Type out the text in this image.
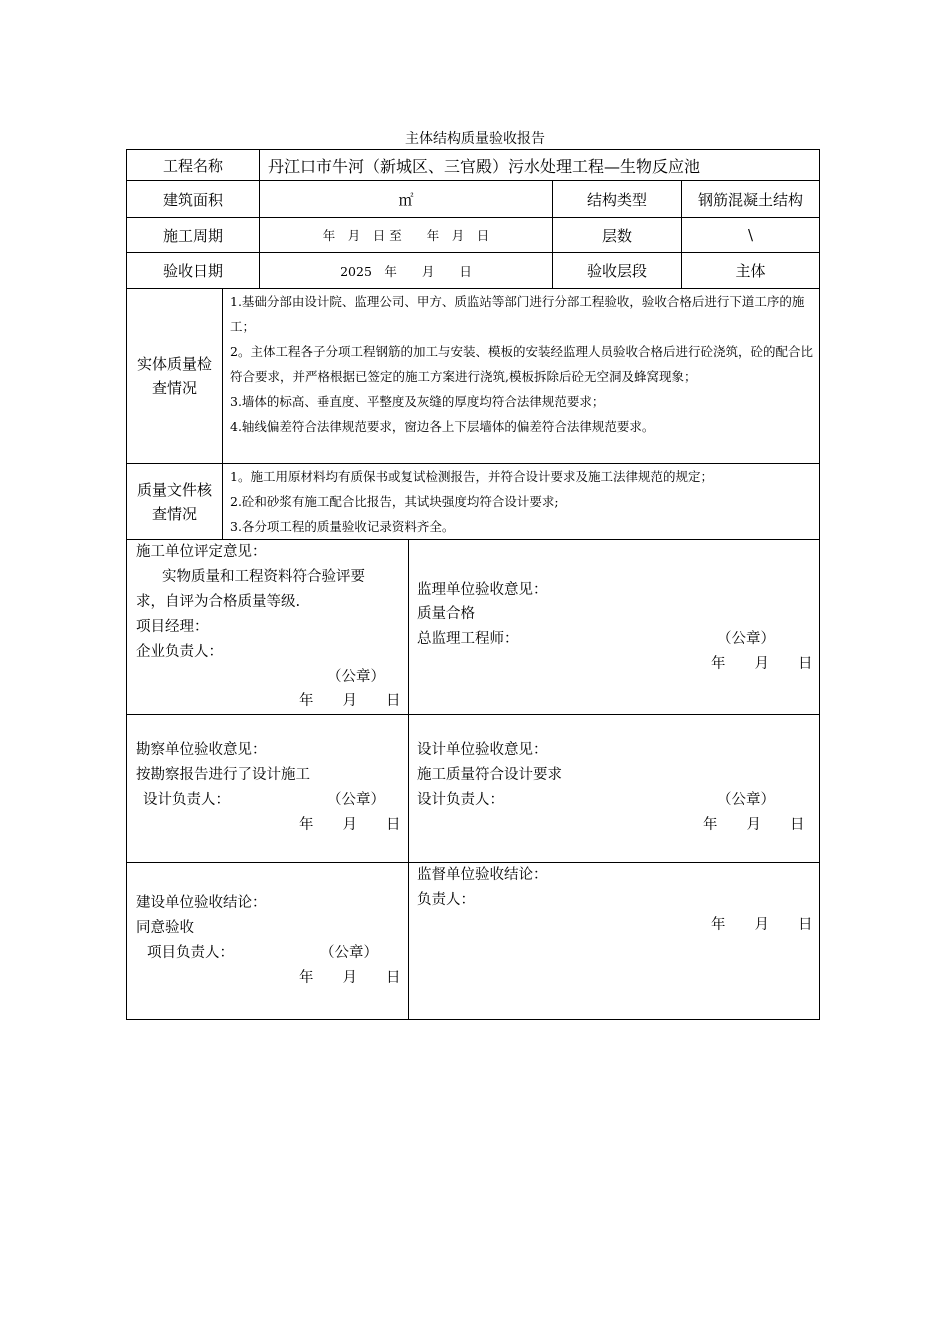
主体结构质量验收报告
工程名称	丹江口市牛河（新城区、三官殿）污水处理工程—生物反应池
建筑面积	㎡	结构类型	钢筋混凝土结构
施工周期	年　月　日 至　　年　月　日	层数	\
验收日期	2025　年　　月　　日	验收层段	主体
实体质量检查情况
1.基础分部由设计院、监理公司、甲方、质监站等部门进行分部工程验收，验收合格后进行下道工序的施工；
2。主体工程各子分项工程钢筋的加工与安装、模板的安装经监理人员验收合格后进行砼浇筑，砼的配合比符合要求，并严格根据已签定的施工方案进行浇筑,模板拆除后砼无空洞及蜂窝现象；
3.墙体的标高、垂直度、平整度及灰缝的厚度均符合法律规范要求；
4.轴线偏差符合法律规范要求，窗边各上下层墙体的偏差符合法律规范要求。
质量文件核查情况
1。施工用原材料均有质保书或复试检测报告，并符合设计要求及施工法律规范的规定；
2.砼和砂浆有施工配合比报告，其试块强度均符合设计要求;
3.各分项工程的质量验收记录资料齐全。
施工单位评定意见：
实物质量和工程资料符合验评要
求，自评为合格质量等级.
项目经理：
企业负责人：
（公章）
年　　月　　日
监理单位验收意见：
质量合格
总监理工程师：	（公章）
年　　月　　日
勘察单位验收意见：
按勘察报告进行了设计施工
设计负责人：	（公章）
年　　月　　日
设计单位验收意见：
施工质量符合设计要求
设计负责人：	（公章）
年　　月　　日
建设单位验收结论：
同意验收
项目负责人：	（公章）
年　　月　　日
监督单位验收结论：
负责人：
年　　月　　日
